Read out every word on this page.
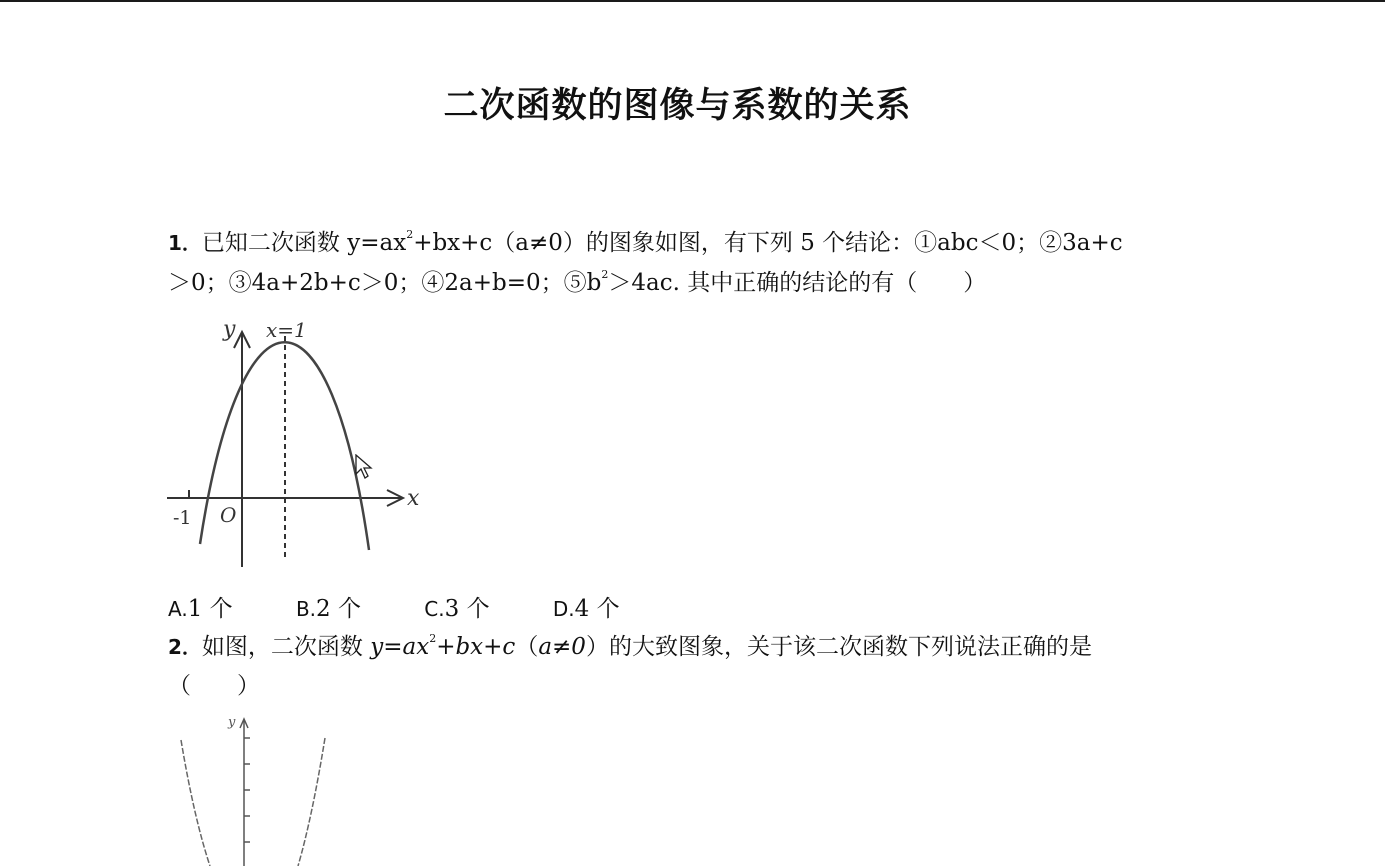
二次函数的图像与系数的关系
1．已知二次函数 $y=ax^2+bx+c(a\ne 0)$的图象如图，有下列 5 个结论：①abc＜0；②3a+c
＞0；③4a+2b+c＞0；④2a+b=0；$⑤b^2>4ac$. 其中正确的结论的有（　　）
y x=1
x
O
-1
A.1 个	B.2 个	C.3 个	D.4 个
2．如图，二次函数 $y=ax^2+bx+c(a\ne 0)$的大致图象，关于该二次函数下列说法正确的是
（　　）
y
